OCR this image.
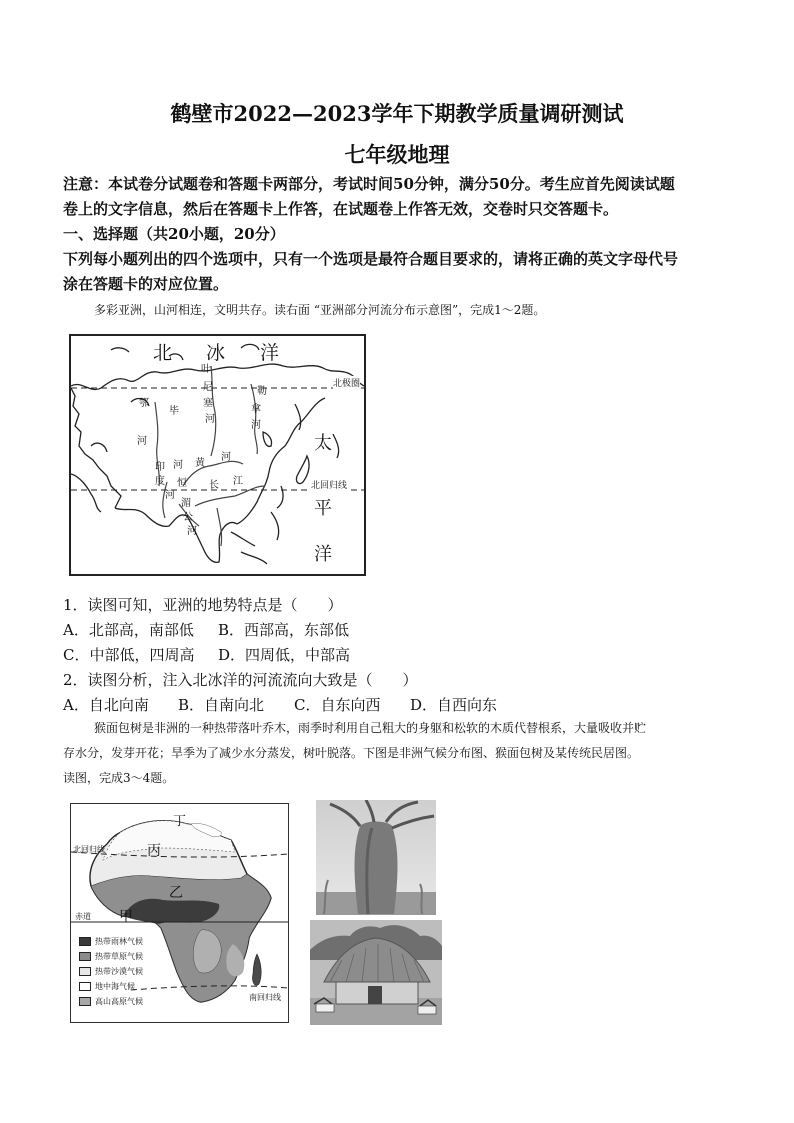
鹤壁市2022—2023学年下期教学质量调研测试
七年级地理
注意：本试卷分试题卷和答题卡两部分，考试时间50分钟，满分50分。考生应首先阅读试题
卷上的文字信息，然后在答题卡上作答，在试题卷上作答无效，交卷时只交答题卡。
一、选择题（共20小题，20分）
下列每小题列出的四个选项中，只有一个选项是最符合题目要求的，请将正确的英文字母代号
涂在答题卡的对应位置。
多彩亚洲，山河相连，文明共存。读右面 “亚洲部分河流分布示意图”，完成1～2题。
北 冰 洋
北极圈
北回归线
太
平
洋
鄂
毕
河
叶
尼
塞
河
勒
拿
河
黄
河
长 江
湄
公
河
恒
河
印
度
河
1．读图可知，亚洲的地势特点是（　　）
A．北部高，南部低 B．西部高，东部低
C．中部低，四周高 D．四周低，中部高
2．读图分析，注入北冰洋的河流流向大致是（　　）
A．自北向南 B．自南向北 C．自东向西 D．自西向东
猴面包树是非洲的一种热带落叶乔木，雨季时利用自己粗大的身躯和松软的木质代替根系，大量吸收并贮
存水分，发芽开花；旱季为了减少水分蒸发，树叶脱落。下图是非洲气候分布图、猴面包树及某传统民居图。
读图，完成3～4题。
丁
丙
乙
甲
北回归线
赤道
南回归线
热带雨林气候
热带草原气候
热带沙漠气候
地中海气候
高山高原气候
